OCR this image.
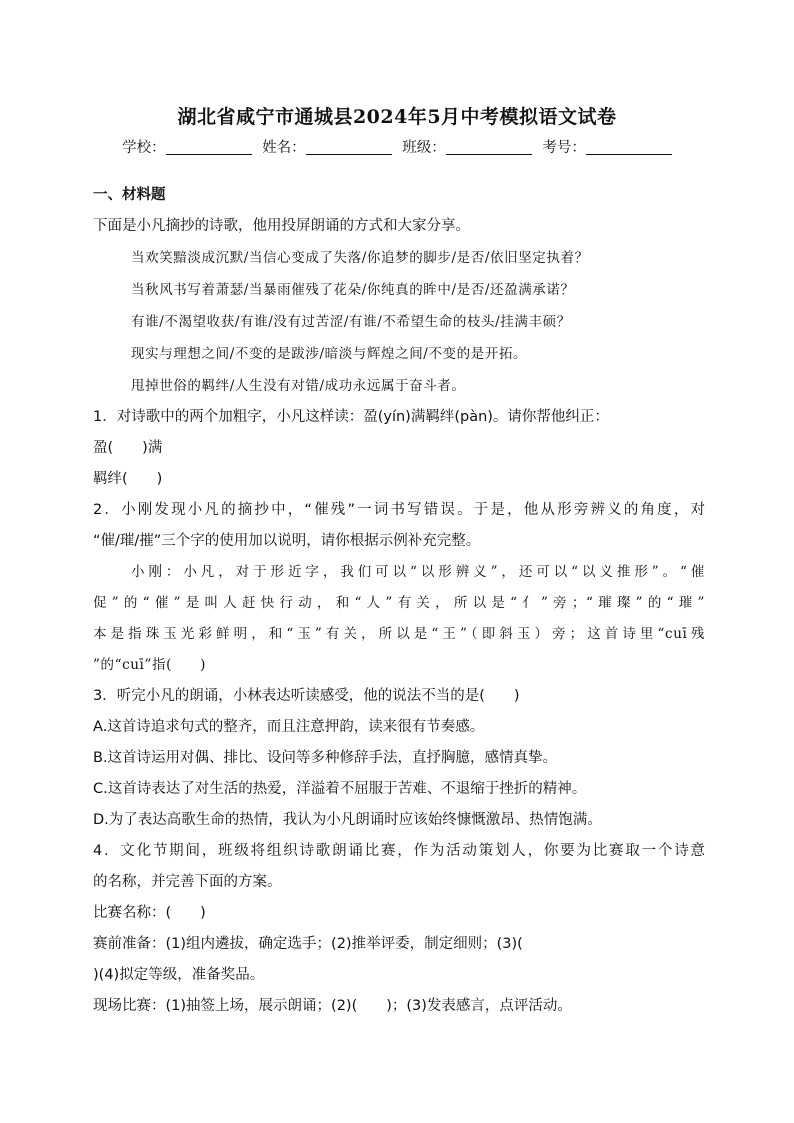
湖北省咸宁市通城县2024年5月中考模拟语文试卷
学校：	姓名：	班级：	考号：

一、材料题

下面是小凡摘抄的诗歌，他用投屏朗诵的方式和大家分享。

当欢笑黯淡成沉默/当信心变成了失落/你追梦的脚步/是否/依旧坚定执着？

当秋风书写着萧瑟/当暴雨催残了花朵/你纯真的眸中/是否/还盈满承诺？

有谁/不渴望收获/有谁/没有过苦涩/有谁/不希望生命的枝头/挂满丰硕？

现实与理想之间/不变的是跋涉/暗淡与辉煌之间/不变的是开拓。

甩掉世俗的羁绊/人生没有对错/成功永远属于奋斗者。

1．对诗歌中的两个加粗字，小凡这样读：盈(yín)满羁绊(pàn)。请你帮他纠正：

盈(　　)满

羁绊(　　)

2．小刚发现小凡的摘抄中，“催残”一词书写错误。于是，他从形旁辨义的角度，对

“催/璀/摧”三个字的使用加以说明，请你根据示例补充完整。

小刚：小凡，对于形近字，我们可以“以形辨义”，还可以“以义推形”。“催

促”的“催”是叫人赶快行动，和“人”有关，所以是“亻”旁；“璀璨”的“璀”

本是指珠玉光彩鲜明，和“玉”有关，所以是“王”（即斜玉）旁；这首诗里“cuī残

”的“cuī”指(　　)

3．听完小凡的朗诵，小林表达听读感受，他的说法不当的是(　　)

A.这首诗追求句式的整齐，而且注意押韵，读来很有节奏感。

B.这首诗运用对偶、排比、设问等多种修辞手法，直抒胸臆，感情真挚。

C.这首诗表达了对生活的热爱，洋溢着不屈服于苦难、不退缩于挫折的精神。

D.为了表达高歌生命的热情，我认为小凡朗诵时应该始终慷慨激昂、热情饱满。

4．文化节期间，班级将组织诗歌朗诵比赛，作为活动策划人，你要为比赛取一个诗意

的名称，并完善下面的方案。

比赛名称：(　　)

赛前准备：(1)组内遴拔，确定选手；(2)推举评委，制定细则；(3)(

)(4)拟定等级，准备奖品。

现场比赛：(1)抽签上场，展示朗诵；(2)(　　)；(3)发表感言，点评活动。
